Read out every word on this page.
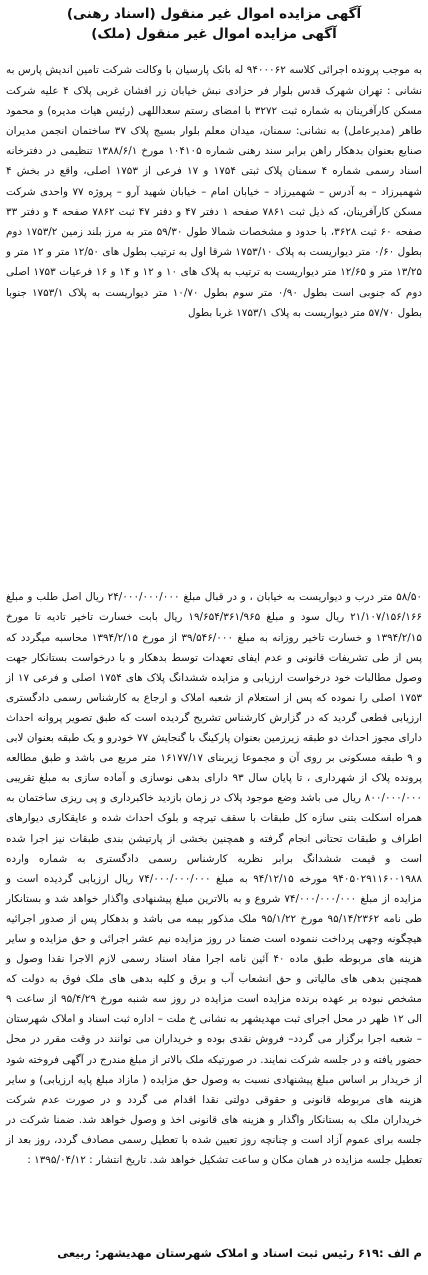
آگهی مزایده اموال غیر منقول (اسناد رهنی)
آگهی مزایده اموال غیر منقول (ملک)

به موجب پرونده اجرائی کلاسه ۹۴۰۰۰۶۲ له بانک پارسیان با وکالت شرکت تامین اندیش پارس به نشانی : تهران شهرک قدس بلوار فر حزادی نبش خیابان زر افشان غربی پلاک ۴ علیه شرکت مسکن کارآفرینان به شماره ثبت ۳۲۷۲ با امضای رستم سعداللهی (رئیس هیات مدیره) و محمود طاهر (مدیرعامل) به نشانی: سمنان، میدان معلم بلوار بسیج پلاک ۳۷ ساختمان انجمن مدیران صنایع بعنوان بدهکار راهن برابر سند رهنی شماره ۱۰۴۱۰۵ مورخ ۱۳۸۸/۶/۱ تنظیمی در دفترخانه اسناد رسمی شماره ۴ سمنان پلاک ثبتی ۱۷۵۴ و ۱۷ فرعی از ۱۷۵۳ اصلی، واقع در بخش ۴ شهمیرزاد – به آدرس – شهمیرزاد – خیابان امام – خیابان شهید آرو – پروژه ۷۷ واحدی شرکت مسکن کارآفرینان، که ذیل ثبت ۷۸۶۱ صفحه ۱ دفتر ۴۷ و دفتر ۴۷ ثبت ۷۸۶۲ صفحه ۴ و دفتر ۳۳ صفحه ۶۰ ثبت ۳۶۲۸، با حدود و مشخصات شمالا طول ۵۹/۳۰ متر به مرز بلند زمین ۱۷۵۳/۲ دوم بطول ۰/۶۰ متر دیواریست به پلاک ۱۷۵۳/۱۰ شرقا اول به ترتیب بطول های ۱۲/۵۰ متر و ۱۲ متر و ۱۳/۲۵ متر و ۱۲/۶۵ متر دیواریست به ترتیب به پلاک های ۱۰ و ۱۲ و ۱۴ و ۱۶ فرعیات ۱۷۵۳ اصلی دوم که جنوبی است بطول ۰/۹۰ متر سوم بطول ۱۰/۷۰ متر دیواریست به پلاک ۱۷۵۳/۱ جنوبا بطول ۵۷/۷۰ متر دیواریست به پلاک ۱۷۵۳/۱ غربا بطول

۵۸/۵۰ متر درب و دیواریست به خیابان ، و در قبال مبلغ ۲۴/۰۰۰/۰۰۰/۰۰۰ ریال اصل طلب و مبلغ ۲۱/۱۰۷/۱۵۶/۱۶۶ ریال سود و مبلغ ۱۹/۶۵۴/۳۶۱/۹۶۵ ریال بابت خسارت تاخیر تادیه تا مورخ ۱۳۹۴/۲/۱۵ و خسارت تاخیر روزانه به مبلغ ۳۹/۵۴۶/۰۰۰ از مورخ ۱۳۹۴/۲/۱۵ محاسبه میگردد که پس از طی تشریفات قانونی و عدم ایفای تعهدات توسط بدهکار و با درخواست بستانکار جهت وصول مطالبات خود درخواست ارزیابی و مزایده ششدانگ پلاک های ۱۷۵۴ اصلی و فرعی ۱۷ از ۱۷۵۳ اصلی را نموده که پس از استعلام از شعبه املاک و ارجاع به کارشناس رسمی دادگستری ارزیابی قطعی گردید که در گزارش کارشناس تشریح گردیده است که طبق تصویر پروانه احداث دارای مجوز احداث دو طبقه زیرزمین بعنوان پارکینگ با گنجایش ۷۷ خودرو و یک طبقه بعنوان لابی و ۹ طبقه مسکونی بر روی آن و مجموعا زیربنای ۱۶۱۷۷/۱۷ متر مربع می باشد و طبق مطالعه پرونده پلاک از شهرداری ، تا پایان سال ۹۳ دارای بدهی نوسازی و آماده سازی به مبلغ تقریبی ۸۰۰/۰۰۰/۰۰۰ ریال می باشد وضع موجود پلاک در زمان بازدید خاکبرداری و پی ریزی ساختمان به همراه اسکلت بتنی سازه کل طبقات با سقف تیرچه و بلوک احداث شده و عایقکاری دیوارهای اطراف و طبقات تحتانی انجام گرفته و همچنین بخشی از پارتیشن بندی طبقات نیز اجرا شده است و قیمت ششدانگ برابر نظریه کارشناس رسمی دادگستری به شماره وارده ۹۴۰۵۰۲۹۱۱۶۰۰۱۹۸۸ مورخه ۹۴/۱۲/۱۵ به مبلغ ۷۴/۰۰۰/۰۰۰/۰۰۰ ریال ارزیابی گردیده است و مزایده از مبلغ ۷۴/۰۰۰/۰۰۰/۰۰۰ شروع و به بالاترین مبلغ پیشنهادی واگذار خواهد شد و بستانکار طی نامه ۹۵/۱۴/۲۳۶۲ مورخ ۹۵/۱/۲۲ ملک مذکور بیمه می باشد و بدهکار پس از صدور اجرائیه هیچگونه وجهی پرداخت ننموده است ضمنا در روز مزایده نیم عشر اجرائی و حق مزایده و سایر هزینه های مربوطه طبق ماده ۴۰ آئین نامه اجرا مفاد اسناد رسمی لازم الاجرا نقدا وصول و همچنین بدهی های مالیاتی و حق انشعاب آب و برق و کلیه بدهی های ملک فوق به دولت که مشخص نبوده بر عهده برنده مزایده است مزایده در روز سه شنبه مورخ ۹۵/۴/۲۹ از ساعت ۹ الی ۱۲ ظهر در محل اجرای ثبت مهدیشهر به نشانی خ ملت – اداره ثبت اسناد و املاک شهرستان – شعبه اجرا برگزار می گردد– فروش نقدی بوده و خریداران می توانند در وقت مقرر در محل حضور یافته و در جلسه شرکت نمایند. در صورتیکه ملک بالاتر از مبلغ مندرج در آگهی فروخته شود از خریدار بر اساس مبلغ پیشنهادی نسبت به وصول حق مزایده ( مازاد مبلغ پایه ارزیابی) و سایر هزینه های مربوطه قانونی و حقوقی دولتی نقدا اقدام می گردد و در صورت عدم شرکت خریداران ملک به بستانکار واگذار و هزینه های قانونی اخذ و وصول خواهد شد. ضمنا شرکت در جلسه برای عموم آزاد است و چنانچه روز تعیین شده با تعطیل رسمی مصادف گردد، روز بعد از تعطیل جلسه مزایده در همان مکان و ساعت تشکیل خواهد شد. تاریخ انتشار : ۱۳۹۵/۰۴/۱۲ :

م الف :۶۱۹ رئیس ثبت اسناد و املاک شهرستان مهدیشهر: ربیعی
